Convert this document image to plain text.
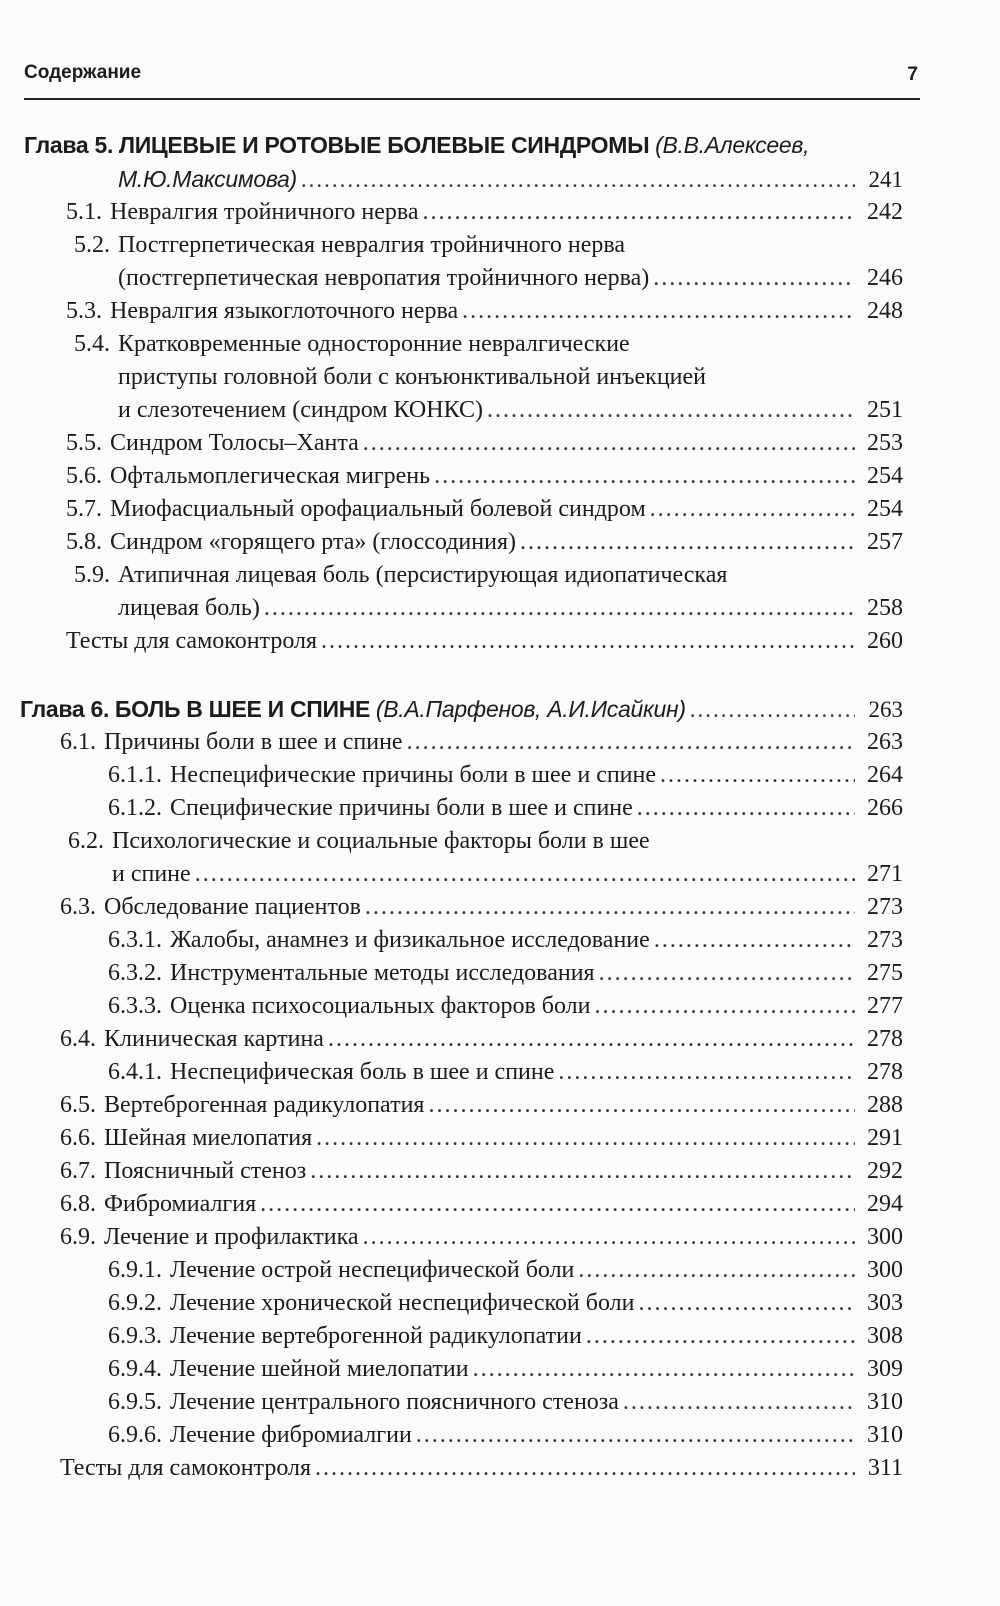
Содержание	7
Глава 5.
ЛИЦЕВЫЕ И РОТОВЫЕ БОЛЕВЫЕ СИНДРОМЫ
(В.В.Алексеев,
М.Ю.Максимова) .....	241
5.1. Невралгия тройничного нерва .....	242
5.2. Постгерпетическая невралгия тройничного нерва
(постгерпетическая невропатия тройничного нерва) .....	246
5.3. Невралгия языкоглоточного нерва .....	248
5.4. Кратковременные односторонние невралгические
приступы головной боли с конъюнктивальной инъекцией
и слезотечением (синдром КОНКС) .....	251
5.5. Синдром Толосы–Ханта .....	253
5.6. Офтальмоплегическая мигрень .....	254
5.7. Миофасциальный орофациальный болевой синдром .....	254
5.8. Синдром «горящего рта» (глоссодиния) .....	257
5.9. Атипичная лицевая боль (персистирующая идиопатическая
лицевая боль) .....	258
Тесты для самоконтроля .....	260
Глава 6.
БОЛЬ В ШЕЕ И СПИНЕ
(В.А.Парфенов, А.И.Исайкин) .....	263
6.1. Причины боли в шее и спине .....	263
6.1.1. Неспецифические причины боли в шее и спине .....	264
6.1.2. Специфические причины боли в шее и спине .....	266
6.2. Психологические и социальные факторы боли в шее
и спине .....	271
6.3. Обследование пациентов .....	273
6.3.1. Жалобы, анамнез и физикальное исследование .....	273
6.3.2. Инструментальные методы исследования .....	275
6.3.3. Оценка психосоциальных факторов боли .....	277
6.4. Клиническая картина .....	278
6.4.1. Неспецифическая боль в шее и спине .....	278
6.5. Вертеброгенная радикулопатия .....	288
6.6. Шейная миелопатия .....	291
6.7. Поясничный стеноз .....	292
6.8. Фибромиалгия .....	294
6.9. Лечение и профилактика .....	300
6.9.1. Лечение острой неспецифической боли .....	300
6.9.2. Лечение хронической неспецифической боли .....	303
6.9.3. Лечение вертеброгенной радикулопатии .....	308
6.9.4. Лечение шейной миелопатии .....	309
6.9.5. Лечение центрального поясничного стеноза .....	310
6.9.6. Лечение фибромиалгии .....	310
Тесты для самоконтроля .....	311
